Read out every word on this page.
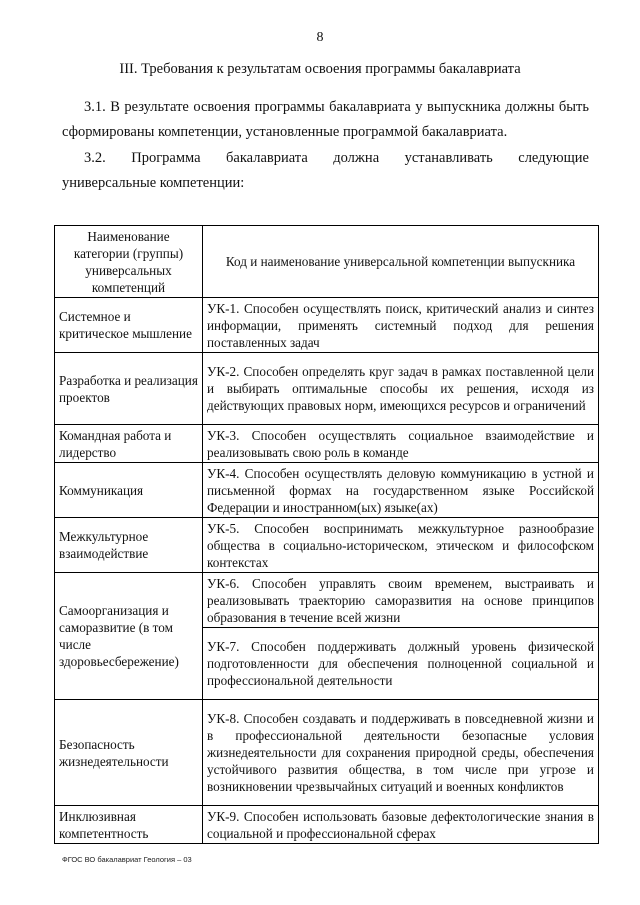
8
III. Требования к результатам освоения программы бакалавриата
3.1. В результате освоения программы бакалавриата у выпускника должны быть сформированы компетенции, установленные программой бакалавриата.
3.2. Программа бакалавриата должна устанавливать следующие
универсальные компетенции:
Наименование категории (группы) универсальных компетенций	Код и наименование универсальной компетенции выпускника
Системное и критическое мышление	УК-1. Способен осуществлять поиск, критический анализ и синтез информации, применять системный подход для решения поставленных задач
Разработка и реализация проектов	УК-2. Способен определять круг задач в рамках поставленной цели и выбирать оптимальные способы их решения, исходя из действующих правовых норм, имеющихся ресурсов и ограничений
Командная работа и лидерство	УК-3. Способен осуществлять социальное взаимодействие и реализовывать свою роль в команде
Коммуникация	УК-4. Способен осуществлять деловую коммуникацию в устной и письменной формах на государственном языке Российской Федерации и иностранном(ых) языке(ах)
Межкультурное взаимодействие	УК-5. Способен воспринимать межкультурное разнообразие общества в социально-историческом, этическом и философском контекстах
Самоорганизация и саморазвитие (в том числе здоровьесбережение)	УК-6. Способен управлять своим временем, выстраивать и реализовывать траекторию саморазвития на основе принципов образования в течение всей жизни
	УК-7. Способен поддерживать должный уровень физической подготовленности для обеспечения полноценной социальной и профессиональной деятельности
Безопасность жизнедеятельности	УК-8. Способен создавать и поддерживать в повседневной жизни и в профессиональной деятельности безопасные условия жизнедеятельности для сохранения природной среды, обеспечения устойчивого развития общества, в том числе при угрозе и возникновении чрезвычайных ситуаций и военных конфликтов
Инклюзивная компетентность	УК-9. Способен использовать базовые дефектологические знания в социальной и профессиональной сферах
ФГОС ВО бакалавриат Геология – 03
